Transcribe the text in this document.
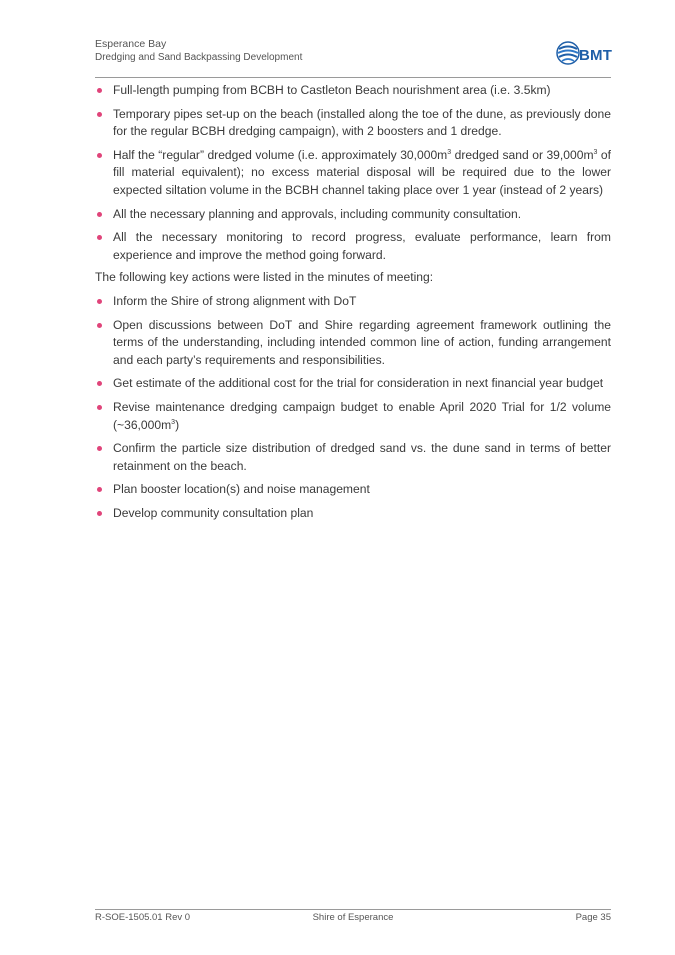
Esperance Bay
Dredging and Sand Backpassing Development	BMT
Full-length pumping from BCBH to Castleton Beach nourishment area (i.e. 3.5km)
Temporary pipes set-up on the beach (installed along the toe of the dune, as previously done for the regular BCBH dredging campaign), with 2 boosters and 1 dredge.
Half the “regular” dredged volume (i.e. approximately $30,000m^3$ dredged sand or $39,000m^3$ of fill material equivalent); no excess material disposal will be required due to the lower expected siltation volume in the BCBH channel taking place over 1 year (instead of 2 years)
All the necessary planning and approvals, including community consultation.
All the necessary monitoring to record progress, evaluate performance, learn from experience and improve the method going forward.

The following key actions were listed in the minutes of meeting:

Inform the Shire of strong alignment with DoT
Open discussions between DoT and Shire regarding agreement framework outlining the terms of the understanding, including intended common line of action, funding arrangement and each party’s requirements and responsibilities.
Get estimate of the additional cost for the trial for consideration in next financial year budget
Revise maintenance dredging campaign budget to enable April 2020 Trial for 1/2 volume $(\sim 36,000m^3)$
Confirm the particle size distribution of dredged sand vs. the dune sand in terms of better retainment on the beach.
Plan booster location(s) and noise management
Develop community consultation plan
R-SOE-1505.01 Rev 0	Shire of Esperance	Page 35
